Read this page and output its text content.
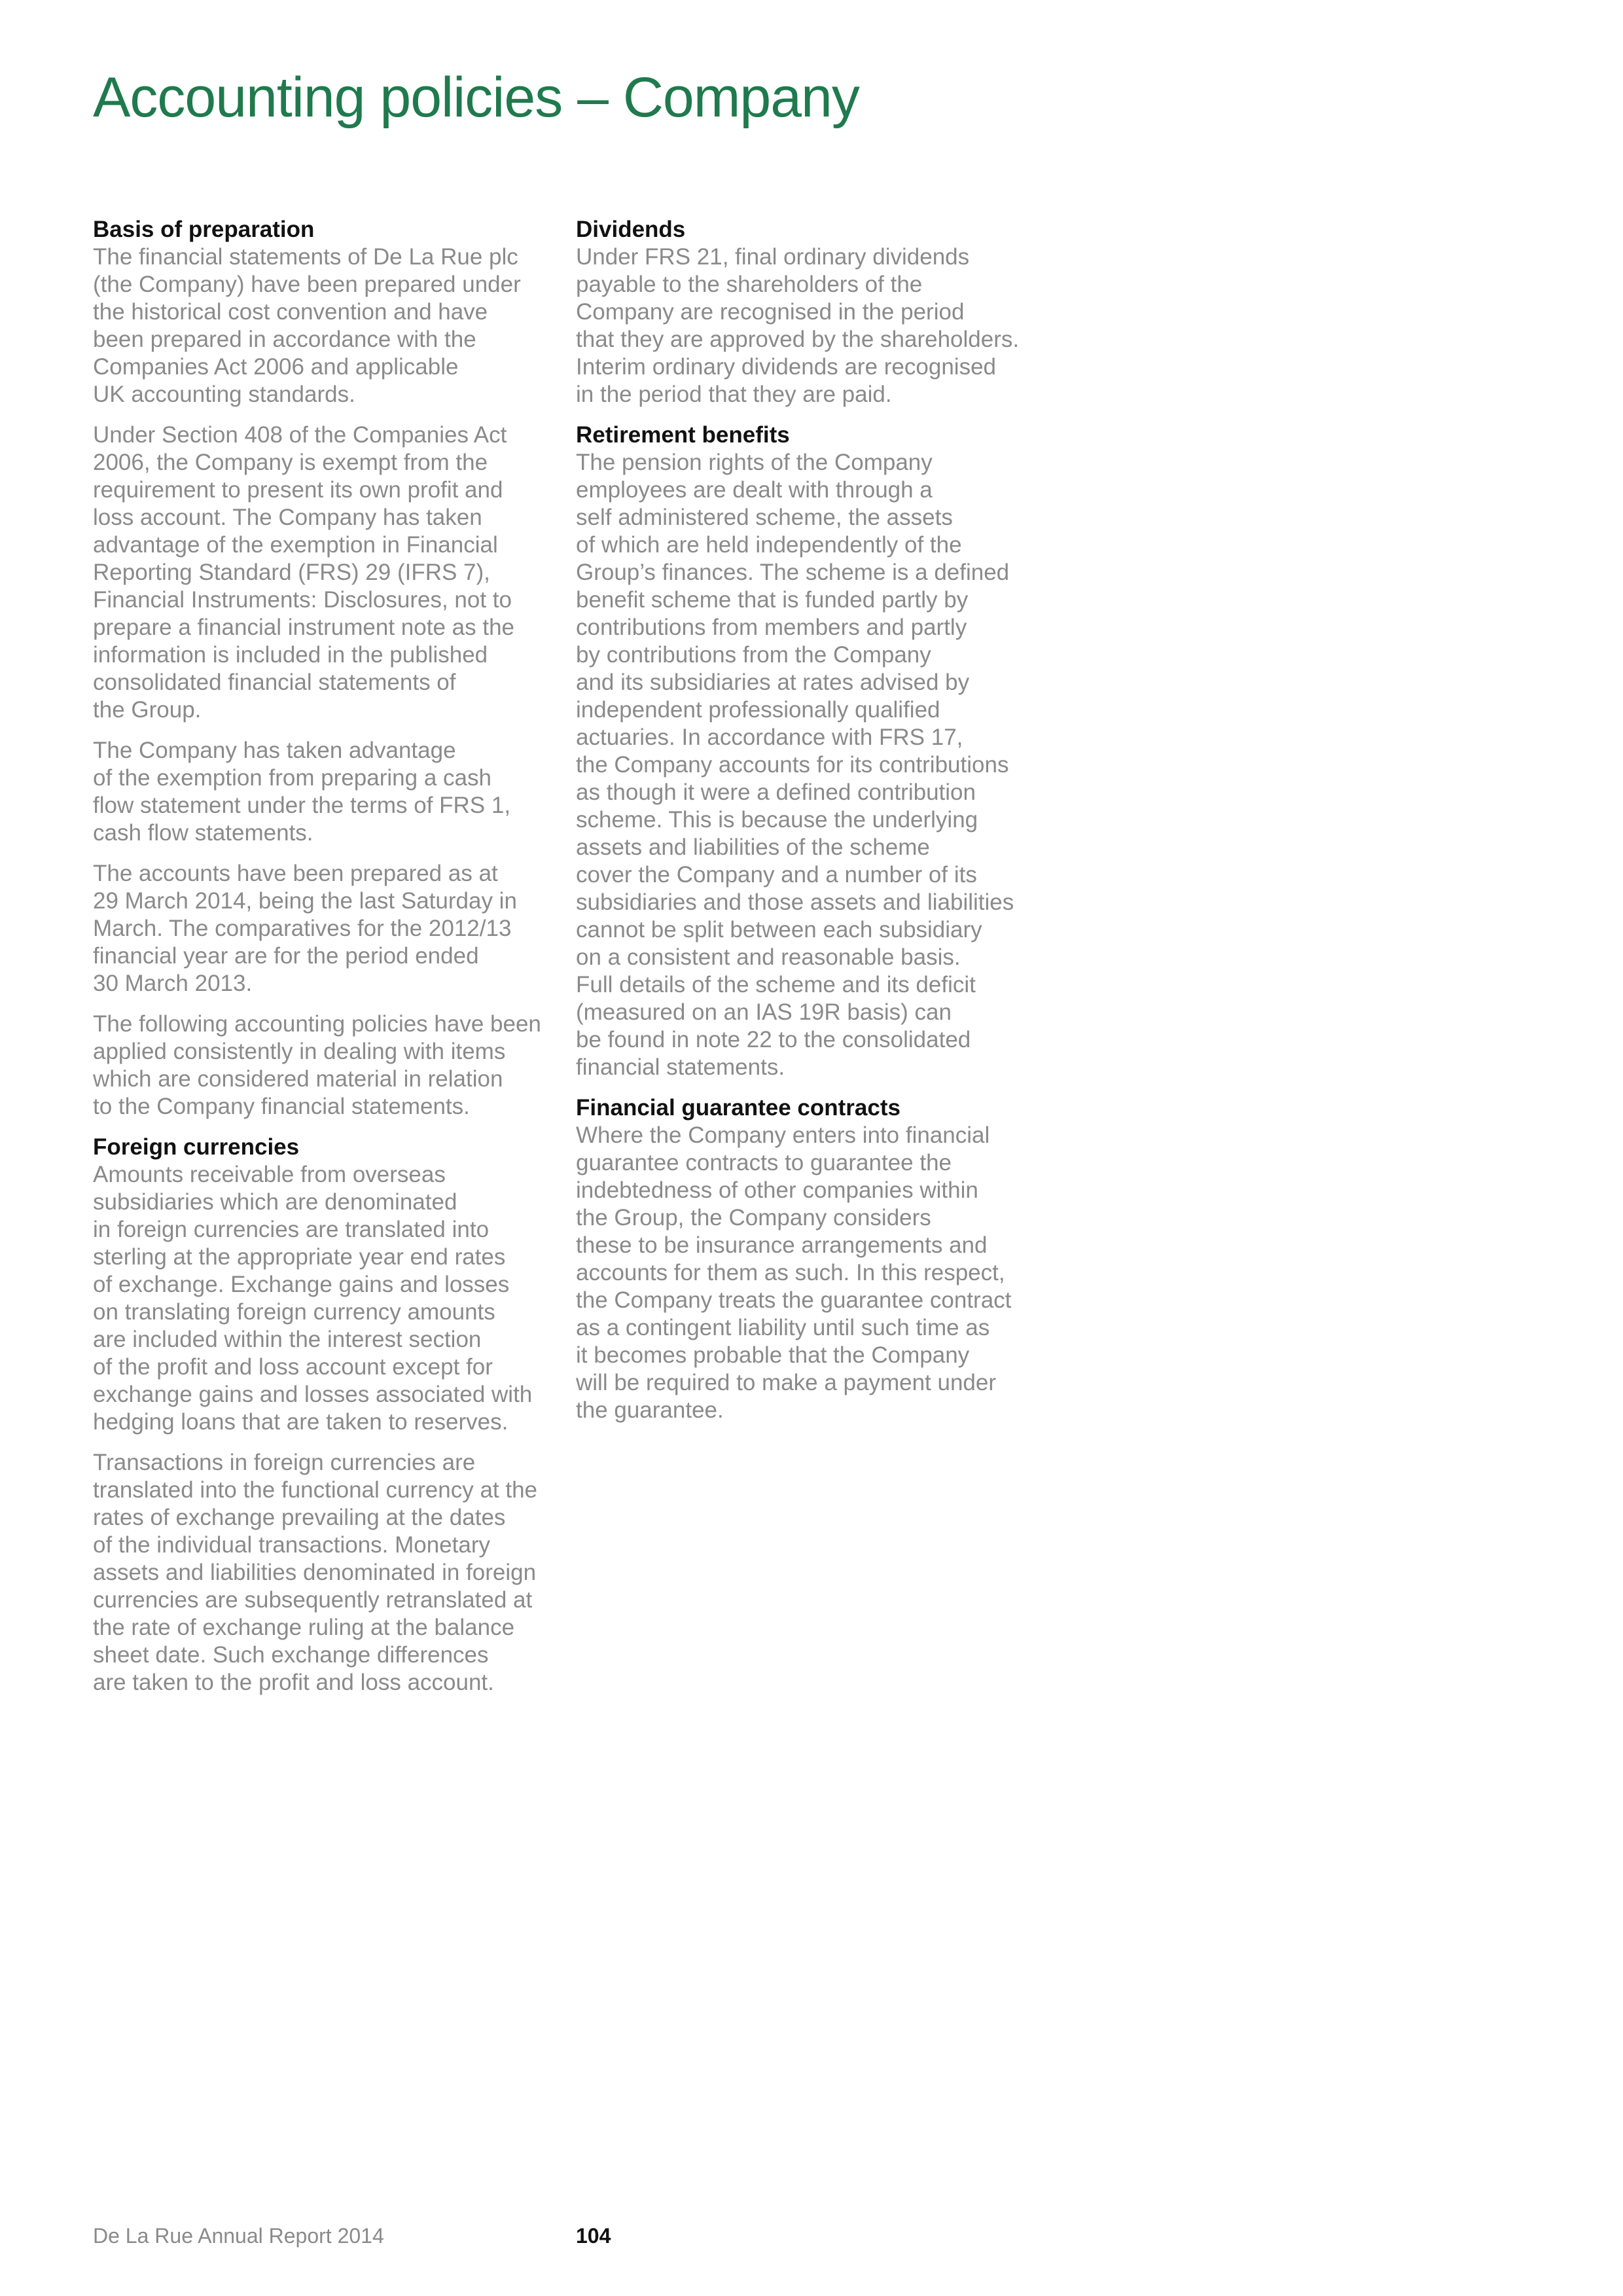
Accounting policies – Company
Basis of preparation

The financial statements of De La Rue plc
(the Company) have been prepared under
the historical cost convention and have
been prepared in accordance with the
Companies Act 2006 and applicable
UK accounting standards.

Under Section 408 of the Companies Act
2006, the Company is exempt from the
requirement to present its own profit and
loss account. The Company has taken
advantage of the exemption in Financial
Reporting Standard (FRS) 29 (IFRS 7),
Financial Instruments: Disclosures, not to
prepare a financial instrument note as the
information is included in the published
consolidated financial statements of
the Group.

The Company has taken advantage
of the exemption from preparing a cash
flow statement under the terms of FRS 1,
cash flow statements.

The accounts have been prepared as at
29 March 2014, being the last Saturday in
March. The comparatives for the 2012/13
financial year are for the period ended
30 March 2013.

The following accounting policies have been
applied consistently in dealing with items
which are considered material in relation
to the Company financial statements.

Foreign currencies

Amounts receivable from overseas
subsidiaries which are denominated
in foreign currencies are translated into
sterling at the appropriate year end rates
of exchange. Exchange gains and losses
on translating foreign currency amounts
are included within the interest section
of the profit and loss account except for
exchange gains and losses associated with
hedging loans that are taken to reserves.

Transactions in foreign currencies are
translated into the functional currency at the
rates of exchange prevailing at the dates
of the individual transactions. Monetary
assets and liabilities denominated in foreign
currencies are subsequently retranslated at
the rate of exchange ruling at the balance
sheet date. Such exchange differences
are taken to the profit and loss account.

Dividends

Under FRS 21, final ordinary dividends
payable to the shareholders of the
Company are recognised in the period
that they are approved by the shareholders.
Interim ordinary dividends are recognised
in the period that they are paid.

Retirement benefits

The pension rights of the Company
employees are dealt with through a
self administered scheme, the assets
of which are held independently of the
Group’s finances. The scheme is a defined
benefit scheme that is funded partly by
contributions from members and partly
by contributions from the Company
and its subsidiaries at rates advised by
independent professionally qualified
actuaries. In accordance with FRS 17,
the Company accounts for its contributions
as though it were a defined contribution
scheme. This is because the underlying
assets and liabilities of the scheme
cover the Company and a number of its
subsidiaries and those assets and liabilities
cannot be split between each subsidiary
on a consistent and reasonable basis.
Full details of the scheme and its deficit
(measured on an IAS 19R basis) can
be found in note 22 to the consolidated
financial statements.

Financial guarantee contracts

Where the Company enters into financial
guarantee contracts to guarantee the
indebtedness of other companies within
the Group, the Company considers
these to be insurance arrangements and
accounts for them as such. In this respect,
the Company treats the guarantee contract
as a contingent liability until such time as
it becomes probable that the Company
will be required to make a payment under
the guarantee.

De La Rue Annual Report 2014	104
